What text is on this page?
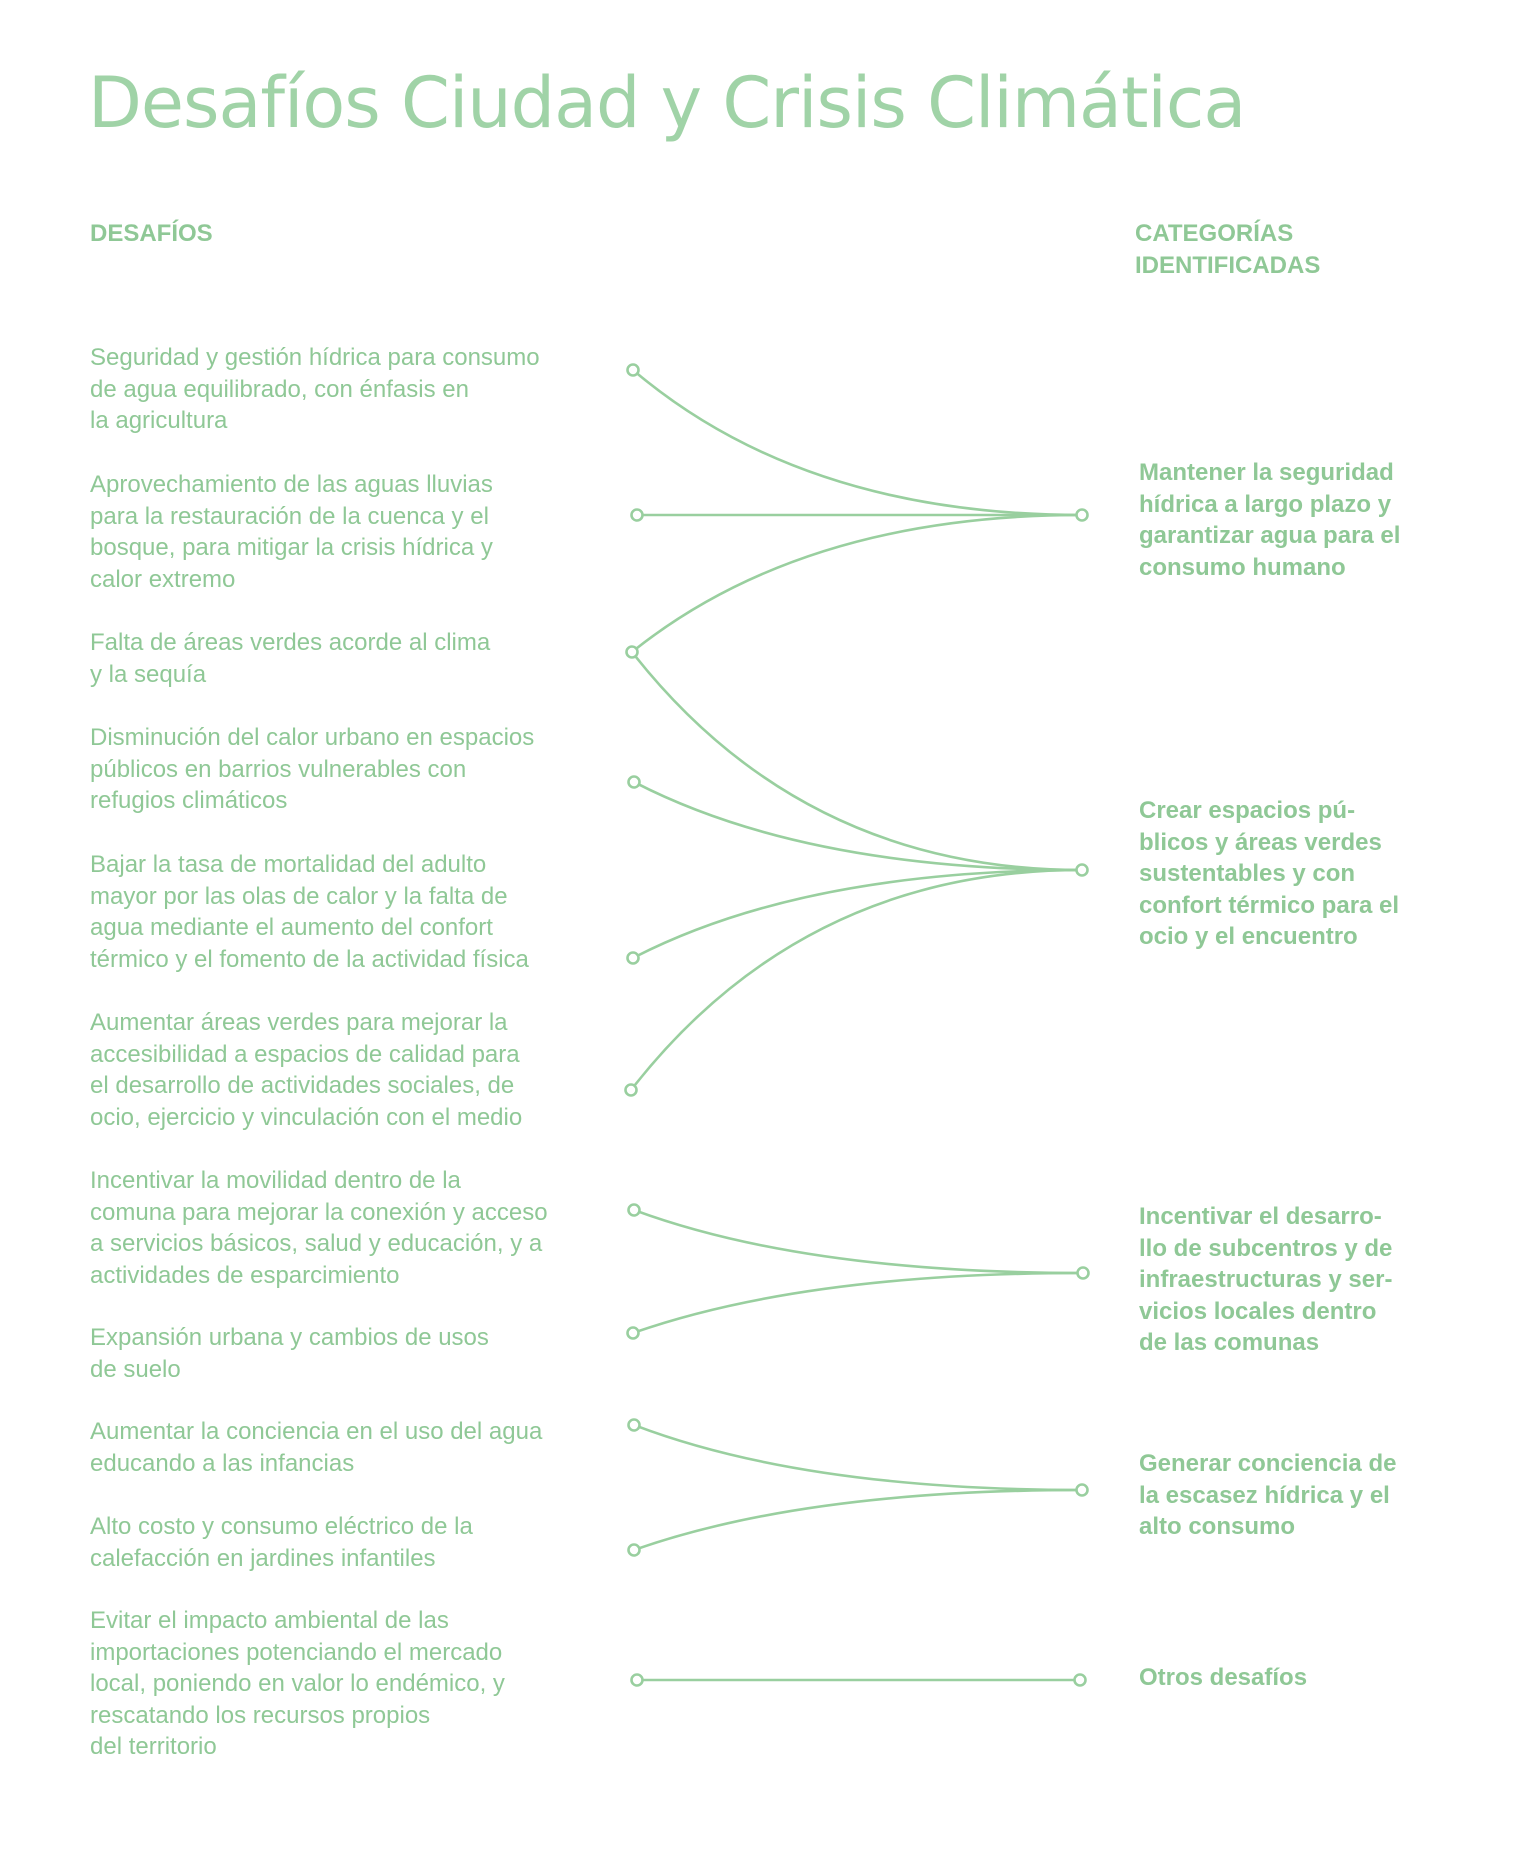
Desafíos Ciudad y Crisis Climática
DESAFÍOS	CATEGORÍAS
IDENTIFICADAS
Seguridad y gestión hídrica para consumo
de agua equilibrado, con énfasis en
la agricultura
Aprovechamiento de las aguas lluvias
para la restauración de la cuenca y el
bosque, para mitigar la crisis hídrica y
calor extremo
Falta de áreas verdes acorde al clima
y la sequía
Disminución del calor urbano en espacios
públicos en barrios vulnerables con
refugios climáticos
Bajar la tasa de mortalidad del adulto
mayor por las olas de calor y la falta de
agua mediante el aumento del confort
térmico y el fomento de la actividad física
Aumentar áreas verdes para mejorar la
accesibilidad a espacios de calidad para
el desarrollo de actividades sociales, de
ocio, ejercicio y vinculación con el medio
Incentivar la movilidad dentro de la
comuna para mejorar la conexión y acceso
a servicios básicos, salud y educación, y a
actividades de esparcimiento
Expansión urbana y cambios de usos
de suelo
Aumentar la conciencia en el uso del agua
educando a las infancias
Alto costo y consumo eléctrico de la
calefacción en jardines infantiles
Evitar el impacto ambiental de las
importaciones potenciando el mercado
local, poniendo en valor lo endémico, y
rescatando los recursos propios
del territorio
Mantener la seguridad
hídrica a largo plazo y
garantizar agua para el
consumo humano
Crear espacios pú-
blicos y áreas verdes
sustentables y con
confort térmico para el
ocio y el encuentro
Incentivar el desarro-
llo de subcentros y de
infraestructuras y ser-
vicios locales dentro
de las comunas
Generar conciencia de
la escasez hídrica y el
alto consumo
Otros desafíos
